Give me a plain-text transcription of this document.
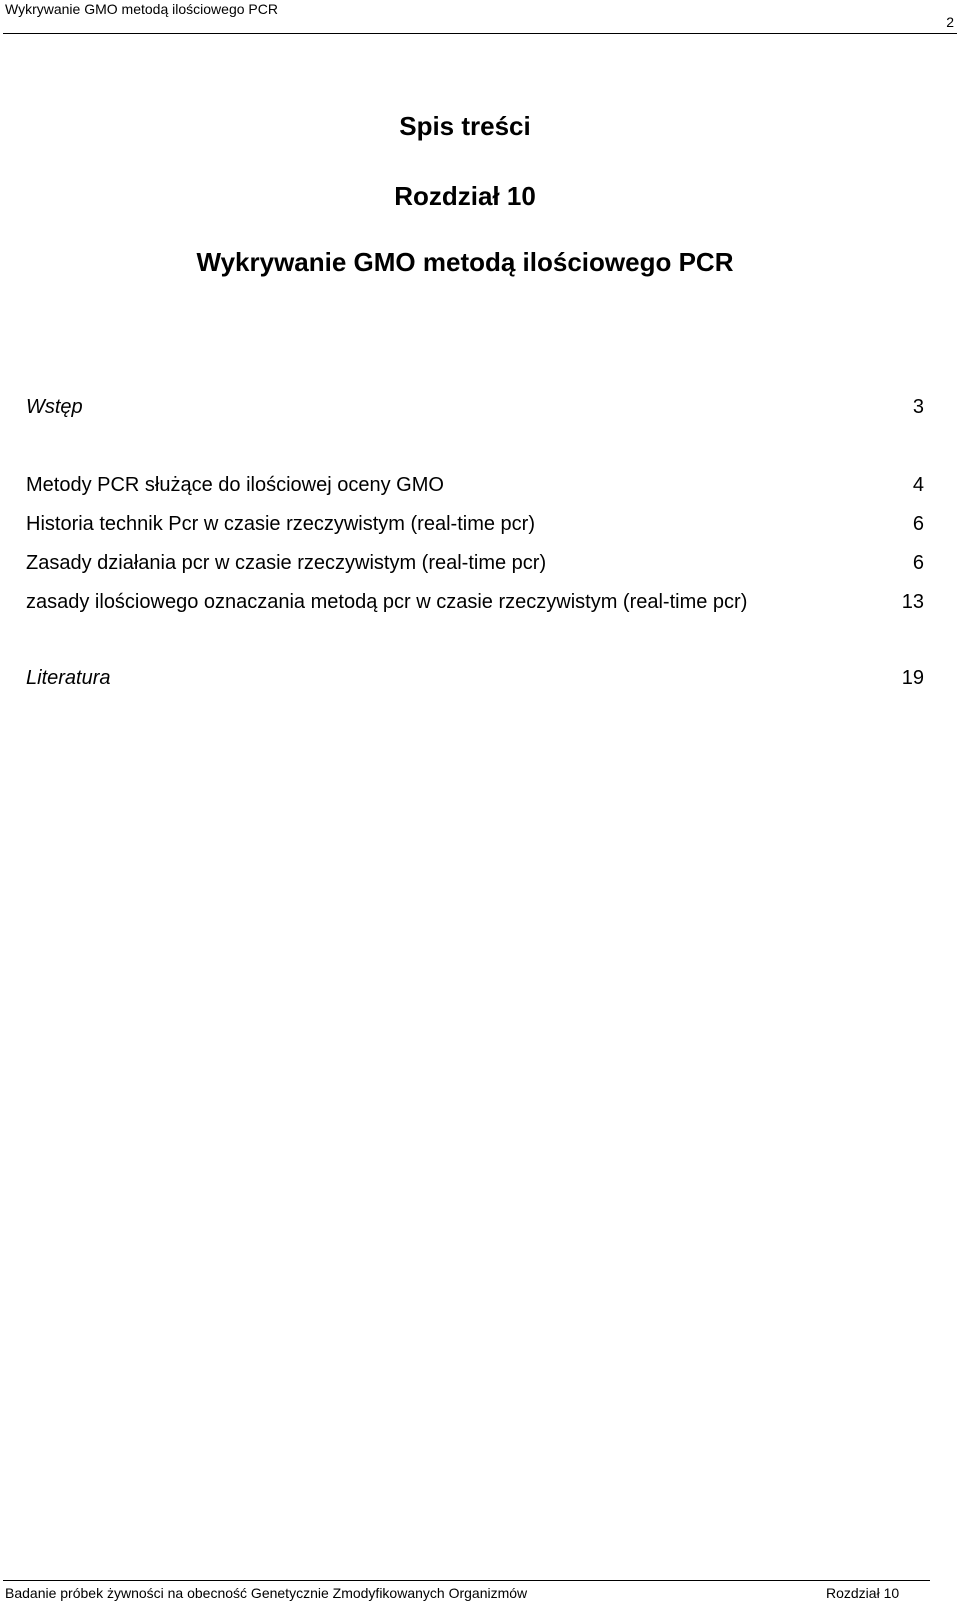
Wykrywanie GMO metodą ilościowego PCR
2
Spis treści
Rozdział 10
Wykrywanie GMO metodą ilościowego PCR
Wstęp	3
Metody PCR służące do ilościowej oceny GMO	4
Historia technik Pcr w czasie rzeczywistym (real-time pcr)	6
Zasady działania pcr w czasie rzeczywistym (real-time pcr)	6
zasady ilościowego oznaczania metodą pcr w czasie rzeczywistym (real-time pcr)	13
Literatura	19
Badanie próbek żywności na obecność Genetycznie Zmodyfikowanych Organizmów	Rozdział 10
